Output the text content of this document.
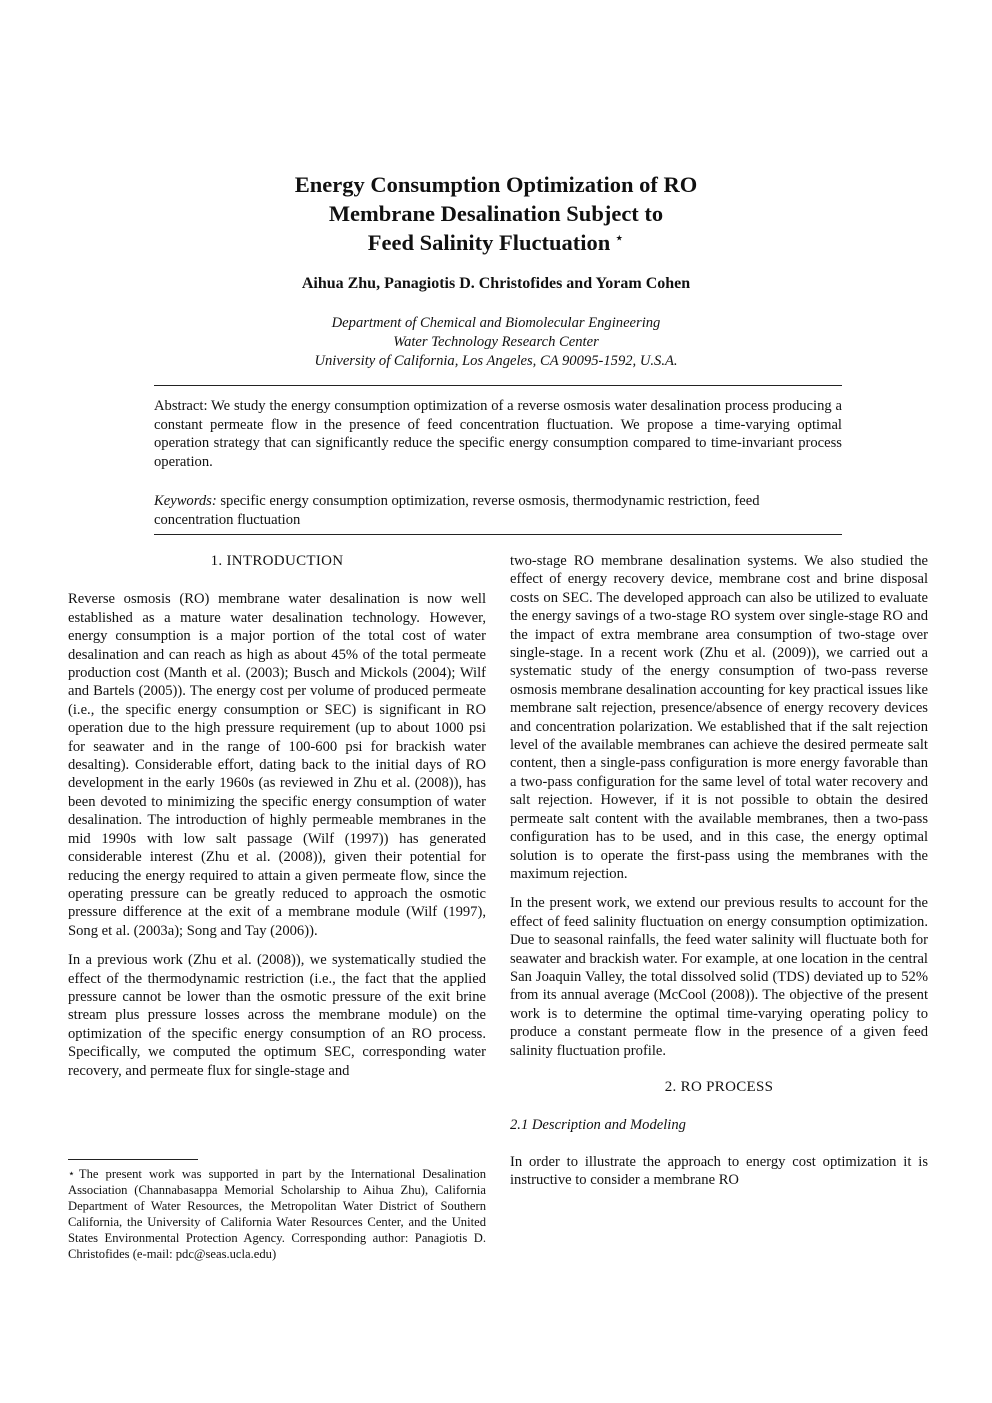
Energy Consumption Optimization of RO
Membrane Desalination Subject to
Feed Salinity Fluctuation ⋆
Aihua Zhu, Panagiotis D. Christofides and Yoram Cohen
Department of Chemical and Biomolecular Engineering
Water Technology Research Center
University of California, Los Angeles, CA 90095-1592, U.S.A.
Abstract: We study the energy consumption optimization of a reverse osmosis water desalination process producing a constant permeate flow in the presence of feed concentration fluctuation. We propose a time-varying optimal operation strategy that can significantly reduce the specific energy consumption compared to time-invariant process operation.
Keywords: specific energy consumption optimization, reverse osmosis, thermodynamic restriction, feed concentration fluctuation
1. INTRODUCTION

Reverse osmosis (RO) membrane water desalination is now well established as a mature water desalination technology. However, energy consumption is a major portion of the total cost of water desalination and can reach as high as about 45% of the total permeate production cost (Manth et al. (2003); Busch and Mickols (2004); Wilf and Bartels (2005)). The energy cost per volume of produced permeate (i.e., the specific energy consumption or SEC) is significant in RO operation due to the high pressure requirement (up to about 1000 psi for seawater and in the range of 100-600 psi for brackish water desalting). Considerable effort, dating back to the initial days of RO development in the early 1960s (as reviewed in Zhu et al. (2008)), has been devoted to minimizing the specific energy consumption of water desalination. The introduction of highly permeable membranes in the mid 1990s with low salt passage (Wilf (1997)) has generated considerable interest (Zhu et al. (2008)), given their potential for reducing the energy required to attain a given permeate flow, since the operating pressure can be greatly reduced to approach the osmotic pressure difference at the exit of a membrane module (Wilf (1997), Song et al. (2003a); Song and Tay (2006)).

In a previous work (Zhu et al. (2008)), we systematically studied the effect of the thermodynamic restriction (i.e., the fact that the applied pressure cannot be lower than the osmotic pressure of the exit brine stream plus pressure losses across the membrane module) on the optimization of the specific energy consumption of an RO process. Specifically, we computed the optimum SEC, corresponding water recovery, and permeate flux for single-stage and

⋆ The present work was supported in part by the International Desalination Association (Channabasappa Memorial Scholarship to Aihua Zhu), California Department of Water Resources, the Metropolitan Water District of Southern California, the University of California Water Resources Center, and the United States Environmental Protection Agency. Corresponding author: Panagiotis D. Christofides (e-mail: pdc@seas.ucla.edu)

two-stage RO membrane desalination systems. We also studied the effect of energy recovery device, membrane cost and brine disposal costs on SEC. The developed approach can also be utilized to evaluate the energy savings of a two-stage RO system over single-stage RO and the impact of extra membrane area consumption of two-stage over single-stage. In a recent work (Zhu et al. (2009)), we carried out a systematic study of the energy consumption of two-pass reverse osmosis membrane desalination accounting for key practical issues like membrane salt rejection, presence/absence of energy recovery devices and concentration polarization. We established that if the salt rejection level of the available membranes can achieve the desired permeate salt content, then a single-pass configuration is more energy favorable than a two-pass configuration for the same level of total water recovery and salt rejection. However, if it is not possible to obtain the desired permeate salt content with the available membranes, then a two-pass configuration has to be used, and in this case, the energy optimal solution is to operate the first-pass using the membranes with the maximum rejection.

In the present work, we extend our previous results to account for the effect of feed salinity fluctuation on energy consumption optimization. Due to seasonal rainfalls, the feed water salinity will fluctuate both for seawater and brackish water. For example, at one location in the central San Joaquin Valley, the total dissolved solid (TDS) deviated up to 52% from its annual average (McCool (2008)). The objective of the present work is to determine the optimal time-varying operating policy to produce a constant permeate flow in the presence of a given feed salinity fluctuation profile.

2. RO PROCESS
2.1 Description and Modeling

In order to illustrate the approach to energy cost optimization it is instructive to consider a membrane RO
